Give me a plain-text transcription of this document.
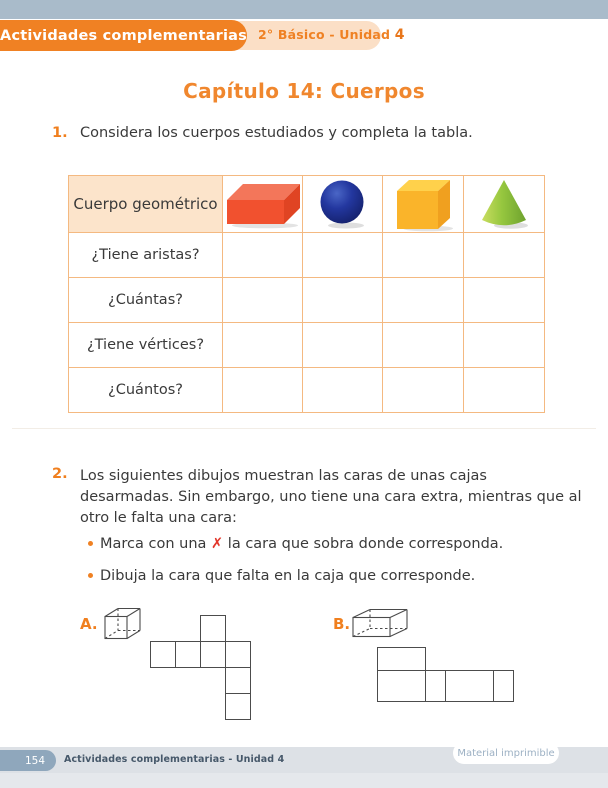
2° Básico - Unidad 4
Actividades complementarias
Capítulo 14: Cuerpos
1. Considera los cuerpos estudiados y completa la tabla.
Cuerpo geométrico
¿Tiene aristas?
¿Cuántas?
¿Tiene vértices?
¿Cuántos?
2. Los siguientes dibujos muestran las caras de unas cajas desarmadas. Sin embargo, uno tiene una cara extra, mientras que al otro le falta una cara:
Marca con una ✗ la cara que sobra donde corresponda.
Dibuja la cara que falta en la caja que corresponde.
A.	B.
154 Actividades complementarias - Unidad 4
Material imprimible
